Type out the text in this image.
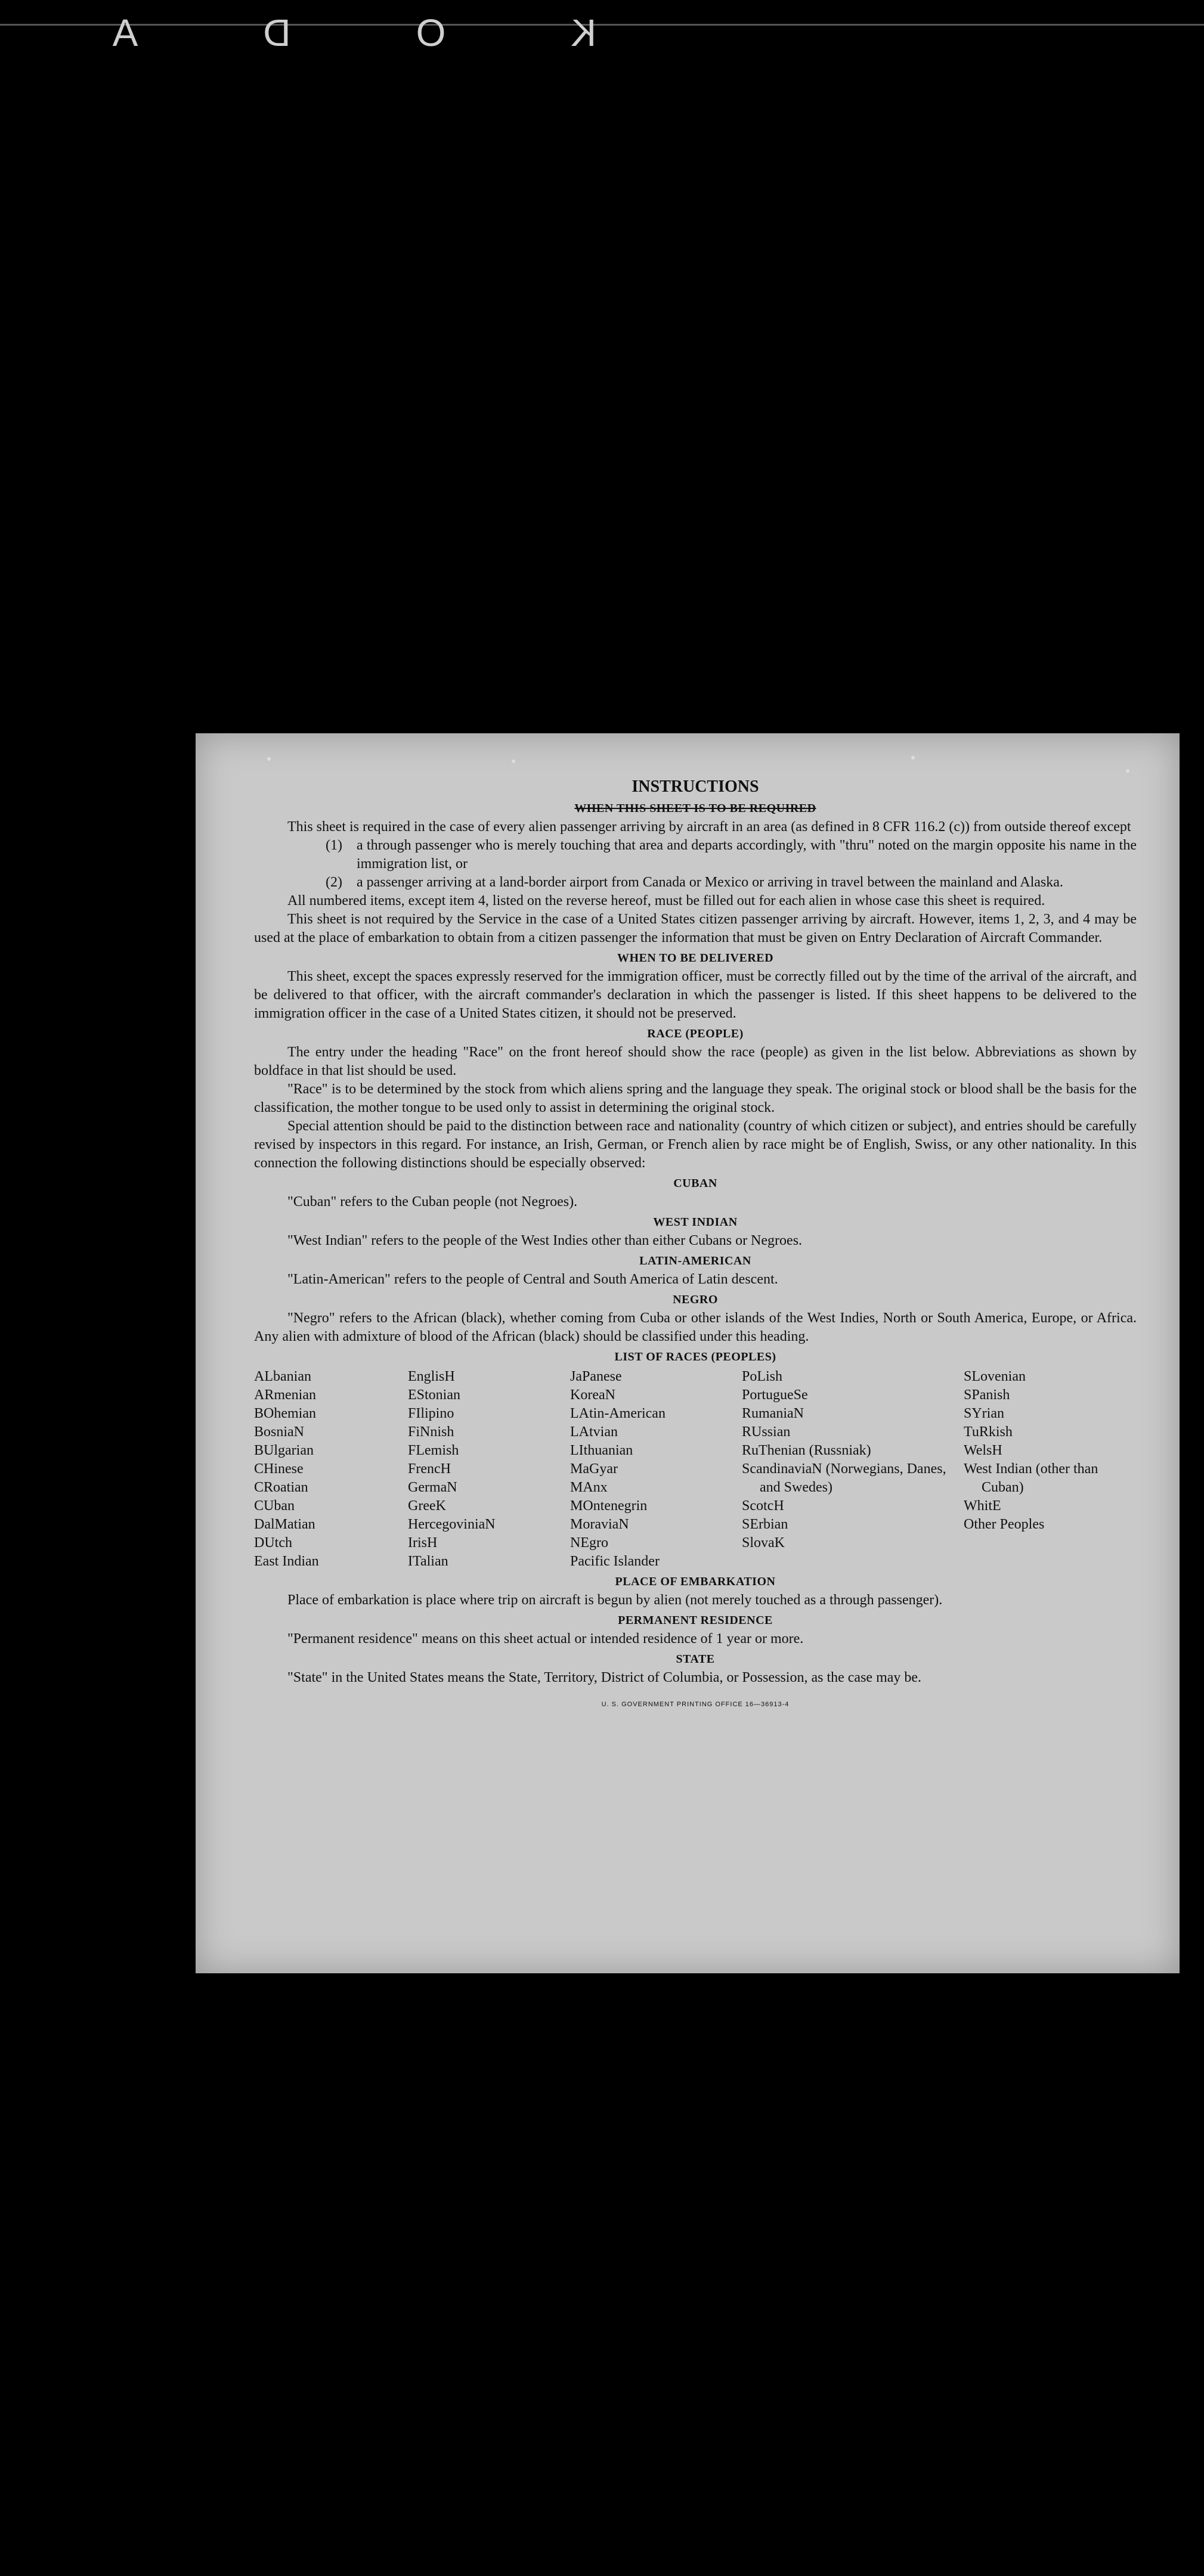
K
O
D
A
INSTRUCTIONS
WHEN THIS SHEET IS TO BE REQUIRED

This sheet is required in the case of every alien passenger arriving by aircraft in an area (as defined in 8 CFR 116.2 (c)) from outside thereof except

(1)	a through passenger who is merely touching that area and departs accordingly, with "thru" noted on the margin opposite his name in the immigration list, or
(2)	a passenger arriving at a land-border airport from Canada or Mexico or arriving in travel between the mainland and Alaska.

All numbered items, except item 4, listed on the reverse hereof, must be filled out for each alien in whose case this sheet is required.

This sheet is not required by the Service in the case of a United States citizen passenger arriving by aircraft. However, items 1, 2, 3, and 4 may be used at the place of embarkation to obtain from a citizen passenger the information that must be given on Entry Declaration of Aircraft Commander.

WHEN TO BE DELIVERED

This sheet, except the spaces expressly reserved for the immigration officer, must be correctly filled out by the time of the arrival of the aircraft, and be delivered to that officer, with the aircraft commander's declaration in which the passenger is listed. If this sheet happens to be delivered to the immigration officer in the case of a United States citizen, it should not be preserved.

RACE (PEOPLE)

The entry under the heading "Race" on the front hereof should show the race (people) as given in the list below. Abbreviations as shown by boldface in that list should be used.

"Race" is to be determined by the stock from which aliens spring and the language they speak. The original stock or blood shall be the basis for the classification, the mother tongue to be used only to assist in determining the original stock.

Special attention should be paid to the distinction between race and nationality (country of which citizen or subject), and entries should be carefully revised by inspectors in this regard. For instance, an Irish, German, or French alien by race might be of English, Swiss, or any other nationality. In this connection the following distinctions should be especially observed:

CUBAN

"Cuban" refers to the Cuban people (not Negroes).

WEST INDIAN

"West Indian" refers to the people of the West Indies other than either Cubans or Negroes.

LATIN-AMERICAN

"Latin-American" refers to the people of Central and South America of Latin descent.

NEGRO

"Negro" refers to the African (black), whether coming from Cuba or other islands of the West Indies, North or South America, Europe, or Africa. Any alien with admixture of blood of the African (black) should be classified under this heading.

LIST OF RACES (PEOPLES)
ALbanian
ARmenian
BOhemian
BosniaN
BUlgarian
CHinese
CRoatian
CUban
DalMatian
DUtch
East Indian
EnglisH
EStonian
FIlipino
FiNnish
FLemish
FrencH
GermaN
GreeK
HercegoviniaN
IrisH
ITalian
JaPanese
KoreaN
LAtin-American
LAtvian
LIthuanian
MaGyar
MAnx
MOntenegrin
MoraviaN
NEgro
Pacific Islander
PoLish
PortugueSe
RumaniaN
RUssian
RuThenian (Russniak)
ScandinaviaN (Norwegians, Danes, and Swedes)
ScotcH
SErbian
SlovaK
SLovenian
SPanish
SYrian
TuRkish
WelsH
West Indian (other than Cuban)
WhitE
Other Peoples
PLACE OF EMBARKATION

Place of embarkation is place where trip on aircraft is begun by alien (not merely touched as a through passenger).

PERMANENT RESIDENCE

"Permanent residence" means on this sheet actual or intended residence of 1 year or more.

STATE

"State" in the United States means the State, Territory, District of Columbia, or Possession, as the case may be.

U. S. GOVERNMENT PRINTING OFFICE 16—36913-4
